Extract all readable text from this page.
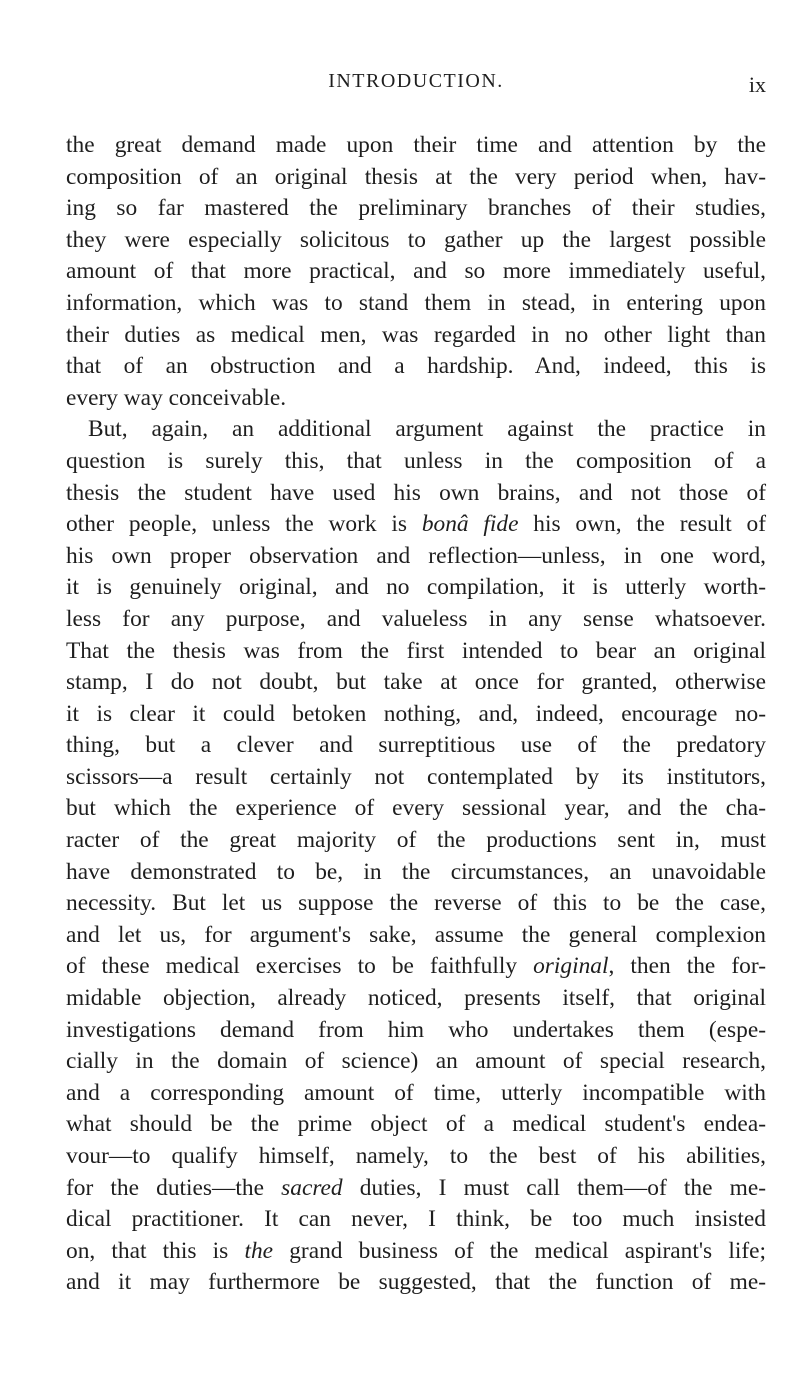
INTRODUCTION.	ix
the great demand made upon their time and attention by the
composition of an original thesis at the very period when, hav-
ing so far mastered the preliminary branches of their studies,
they were especially solicitous to gather up the largest possible
amount of that more practical, and so more immediately useful,
information, which was to stand them in stead, in entering upon
their duties as medical men, was regarded in no other light than
that of an obstruction and a hardship. And, indeed, this is
every way conceivable.
But, again, an additional argument against the practice in
question is surely this, that unless in the composition of a
thesis the student have used his own brains, and not those of
other people, unless the work is bonâ fide his own, the result of
his own proper observation and reflection—unless, in one word,
it is genuinely original, and no compilation, it is utterly worth-
less for any purpose, and valueless in any sense whatsoever.
That the thesis was from the first intended to bear an original
stamp, I do not doubt, but take at once for granted, otherwise
it is clear it could betoken nothing, and, indeed, encourage no-
thing, but a clever and surreptitious use of the predatory
scissors—a result certainly not contemplated by its institutors,
but which the experience of every sessional year, and the cha-
racter of the great majority of the productions sent in, must
have demonstrated to be, in the circumstances, an unavoidable
necessity. But let us suppose the reverse of this to be the case,
and let us, for argument's sake, assume the general complexion
of these medical exercises to be faithfully original, then the for-
midable objection, already noticed, presents itself, that original
investigations demand from him who undertakes them (espe-
cially in the domain of science) an amount of special research,
and a corresponding amount of time, utterly incompatible with
what should be the prime object of a medical student's endea-
vour—to qualify himself, namely, to the best of his abilities,
for the duties—the sacred duties, I must call them—of the me-
dical practitioner. It can never, I think, be too much insisted
on, that this is the grand business of the medical aspirant's life;
and it may furthermore be suggested, that the function of me-
